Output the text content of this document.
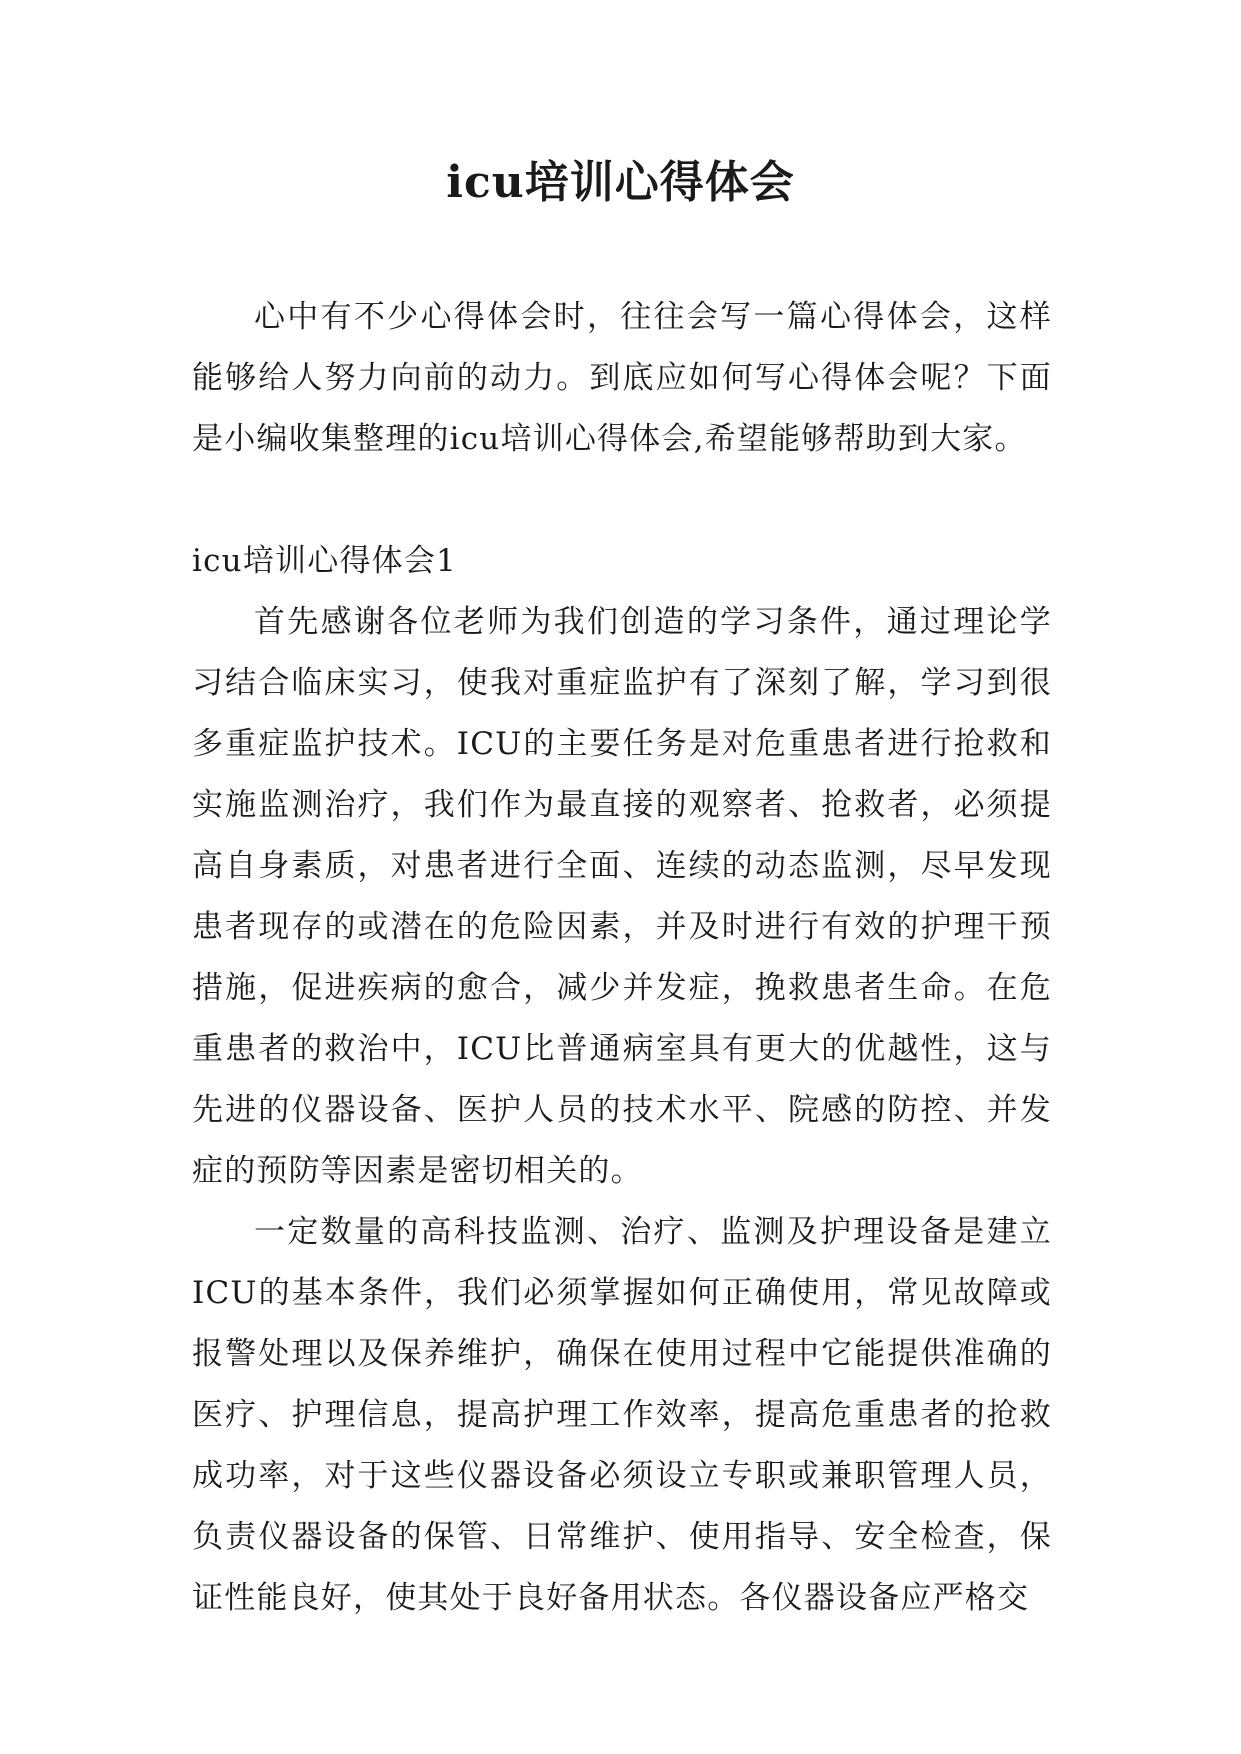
icu培训心得体会

心中有不少心得体会时，往往会写一篇心得体会，这样能够给人努力向前的动力。到底应如何写心得体会呢？下面是小编收集整理的icu培训心得体会,希望能够帮助到大家。

icu培训心得体会1

首先感谢各位老师为我们创造的学习条件，通过理论学习结合临床实习，使我对重症监护有了深刻了解，学习到很多重症监护技术。ICU的主要任务是对危重患者进行抢救和实施监测治疗，我们作为最直接的观察者、抢救者，必须提高自身素质，对患者进行全面、连续的动态监测，尽早发现患者现存的或潜在的危险因素，并及时进行有效的护理干预措施，促进疾病的愈合，减少并发症，挽救患者生命。在危重患者的救治中，ICU比普通病室具有更大的优越性，这与先进的仪器设备、医护人员的技术水平、院感的防控、并发症的预防等因素是密切相关的。

一定数量的高科技监测、治疗、监测及护理设备是建立ICU的基本条件，我们必须掌握如何正确使用，常见故障或报警处理以及保养维护，确保在使用过程中它能提供准确的医疗、护理信息，提高护理工作效率，提高危重患者的抢救成功率，对于这些仪器设备必须设立专职或兼职管理人员，负责仪器设备的保管、日常维护、使用指导、安全检查，保证性能良好，使其处于良好备用状态。各仪器设备应严格交
